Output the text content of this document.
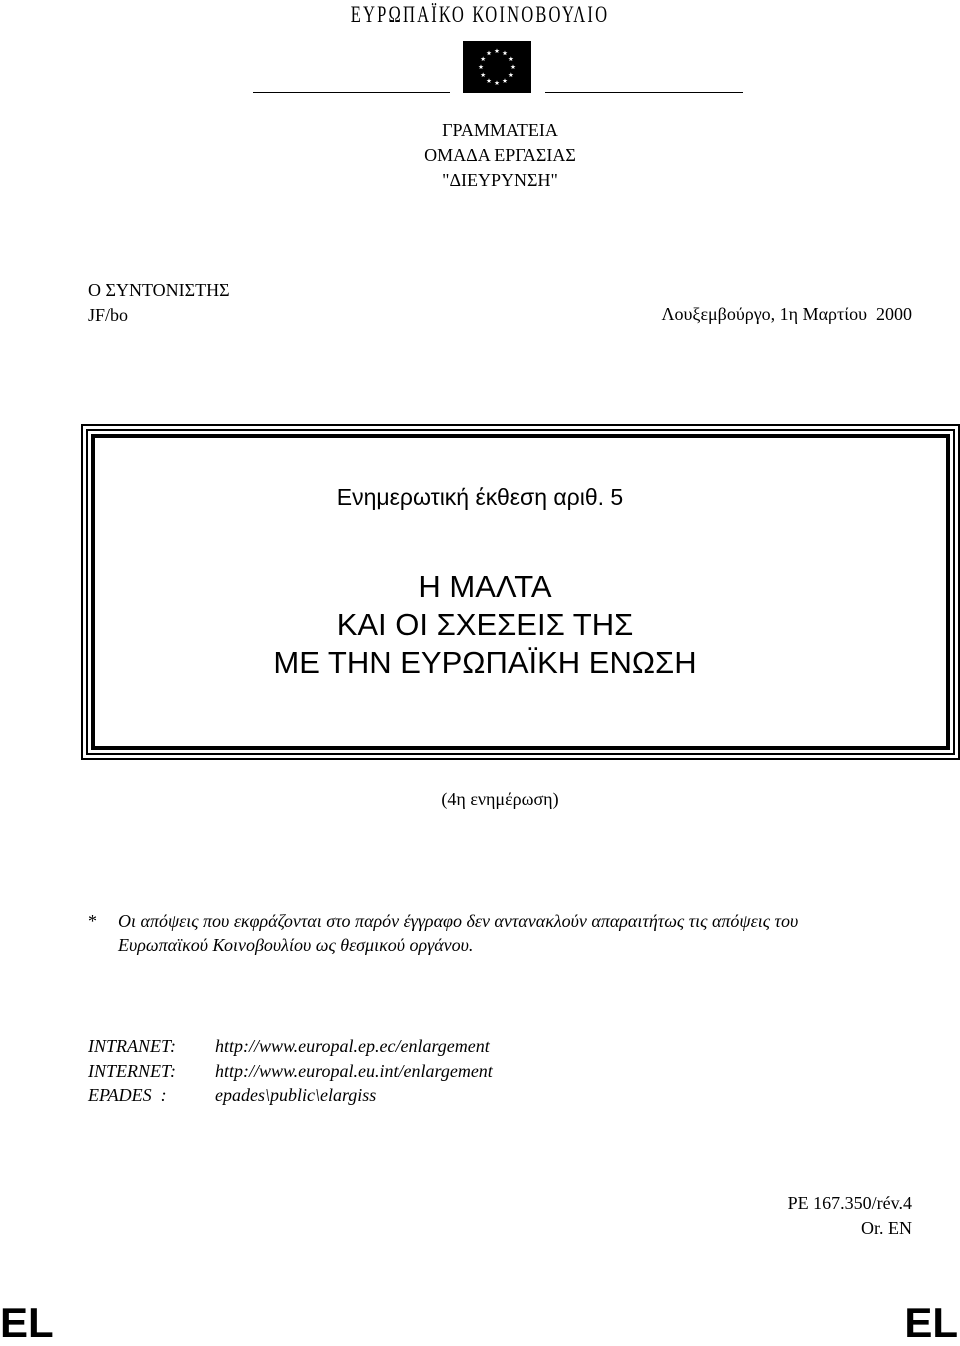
ΕΥΡΩΠΑΪΚΟ ΚΟΙΝΟΒΟΥΛΙΟ
ΓΡΑΜΜΑΤΕΙΑ
ΟΜΑΔΑ ΕΡΓΑΣΙΑΣ
"ΔΙΕΥΡΥΝΣΗ"
Ο ΣΥΝΤΟΝΙΣΤΗΣ
JF/bo	Λουξεμβούργο, 1η Μαρτίου  2000
Ενημερωτική έκθεση αριθ. 5
Η ΜΑΛΤΑ
ΚΑΙ ΟΙ ΣΧΕΣΕΙΣ ΤΗΣ
ΜΕ ΤΗΝ ΕΥΡΩΠΑΪΚΗ ΕΝΩΣΗ
(4η ενημέρωση)
* Οι απόψεις που εκφράζονται στο παρόν έγγραφο δεν αντανακλούν απαραιτήτως τις απόψεις του
Ευρωπαϊκού Κοινοβουλίου ως θεσμικού οργάνου.
INTRANET: http://www.europal.ep.ec/enlargement
INTERNET: http://www.europal.eu.int/enlargement
EPADES  :	epades\public\elargiss
PE 167.350/rév.4
Or. EN
EL	EL
